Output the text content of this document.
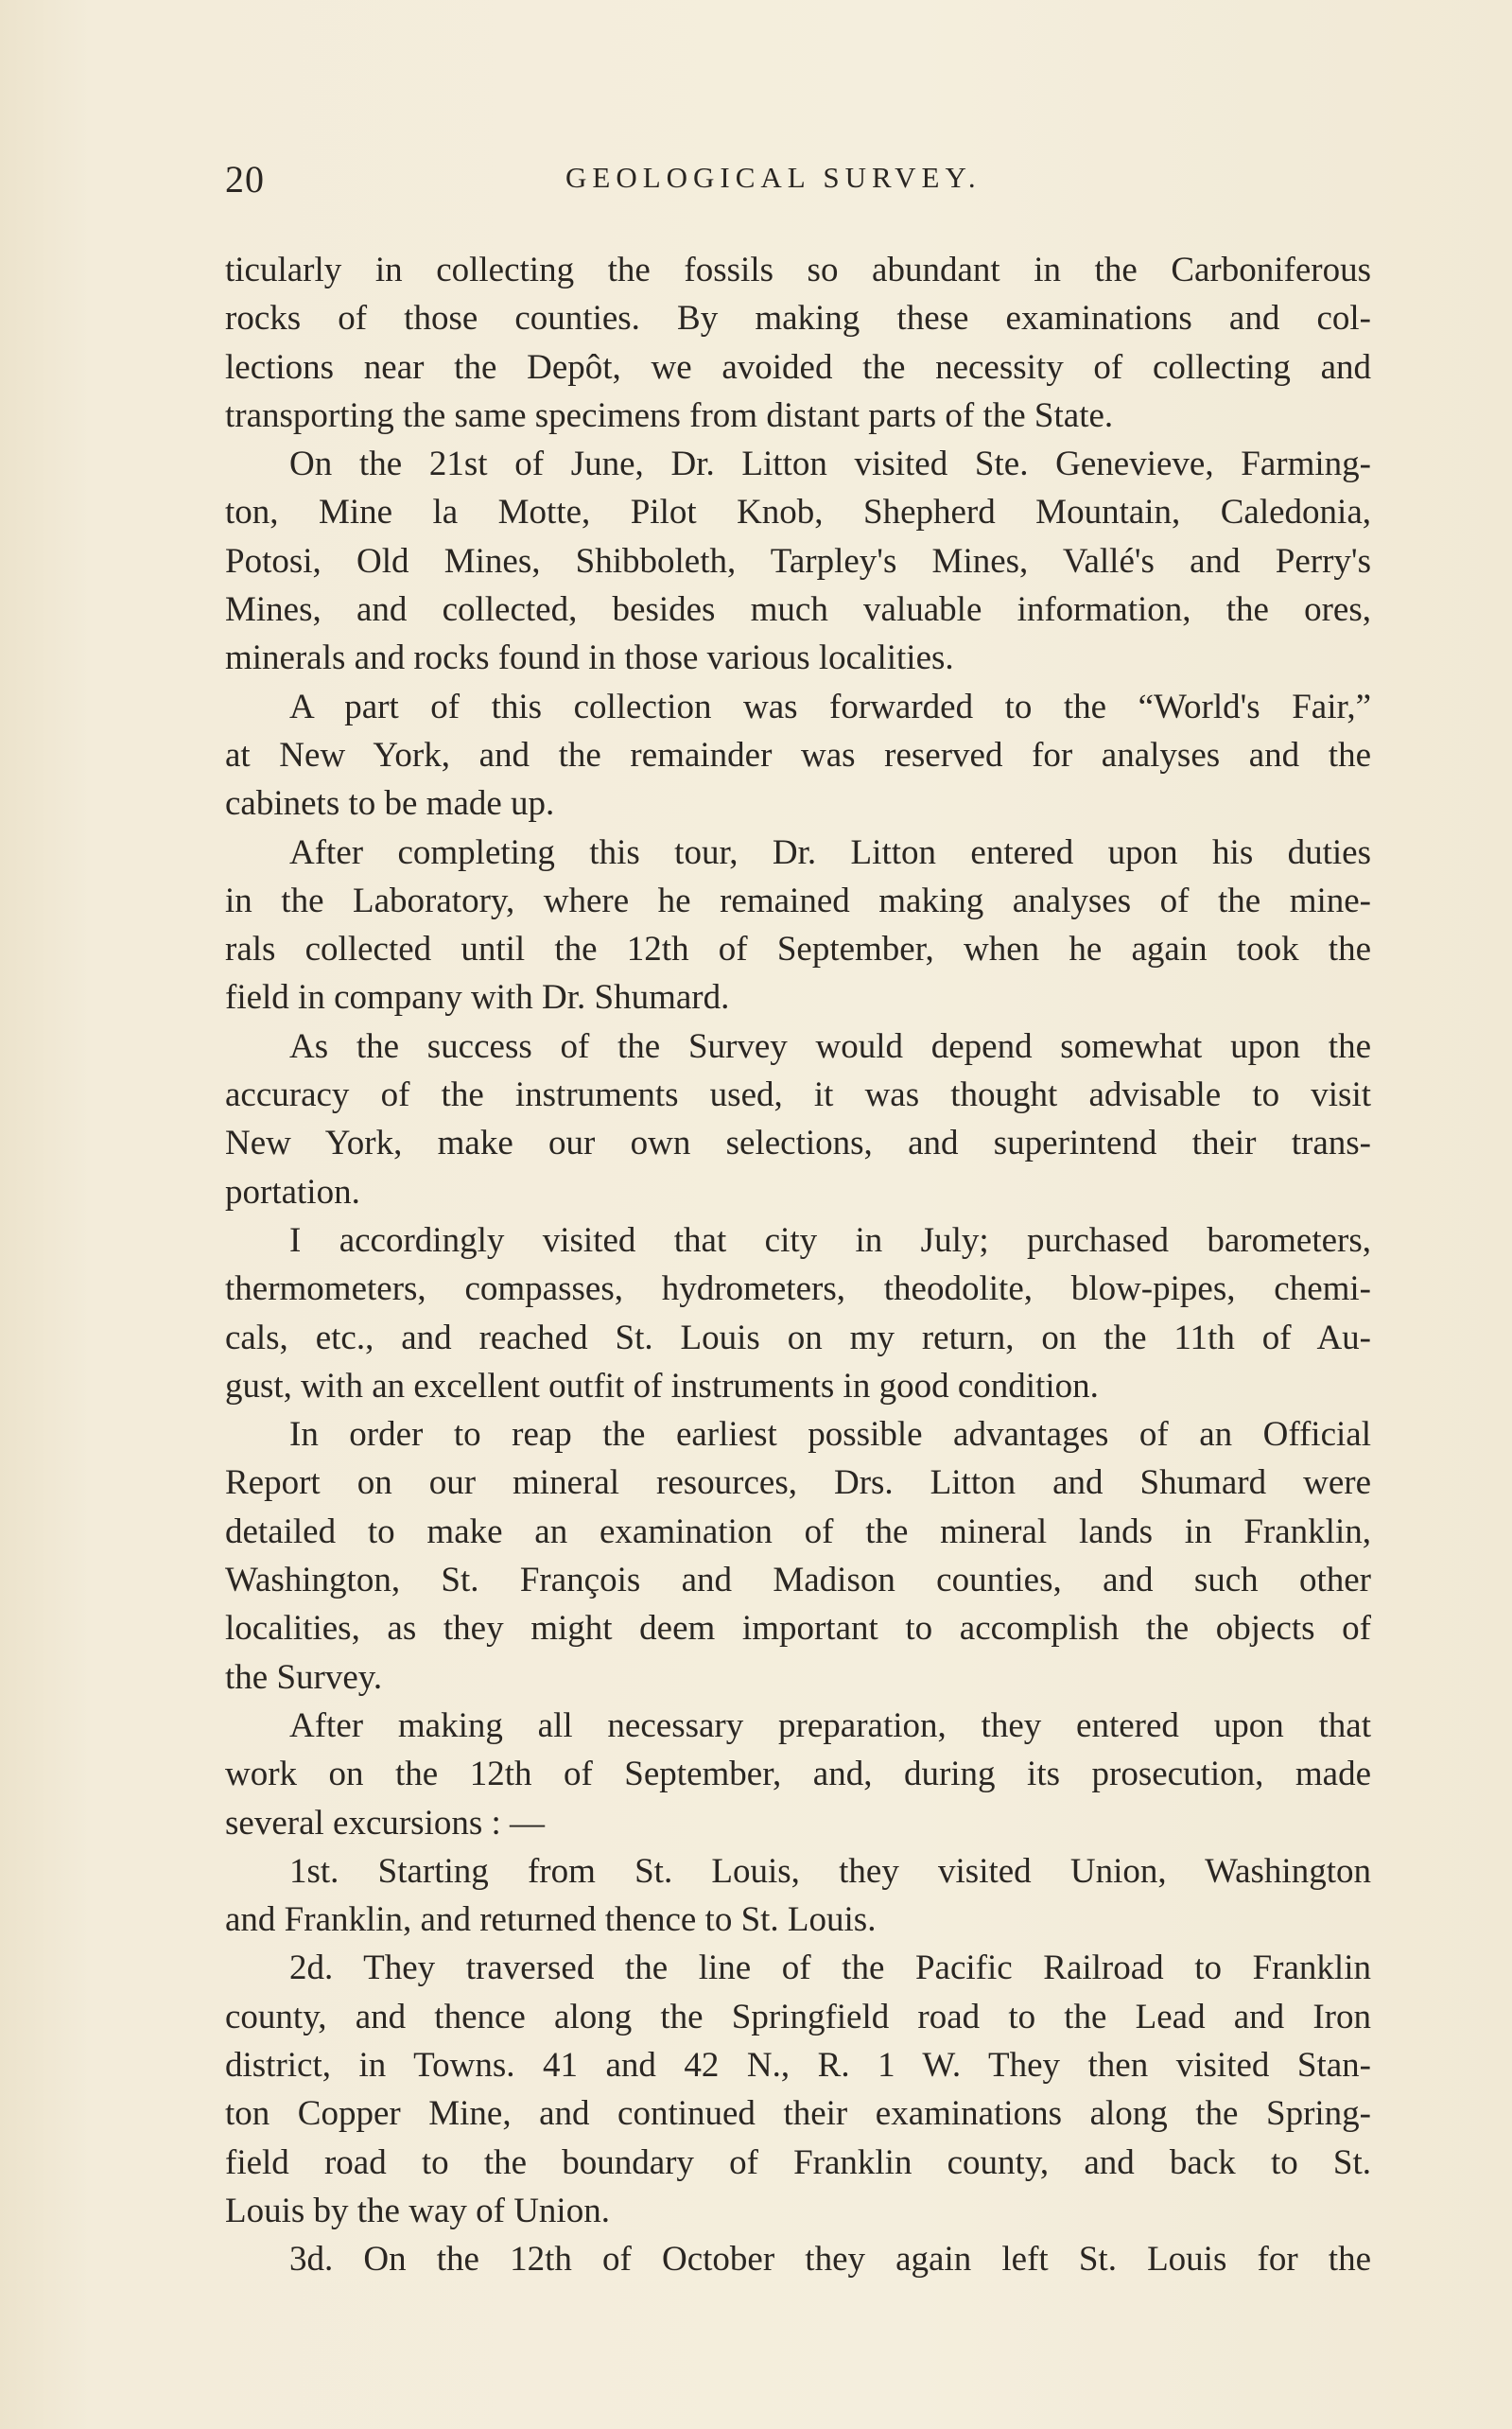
20	GEOLOGICAL SURVEY.
ticularly in collecting the fossils so abundant in the Carboniferous
rocks of those counties. By making these examinations and col-
lections near the Depôt, we avoided the necessity of collecting and
transporting the same specimens from distant parts of the State.
On the 21st of June, Dr. Litton visited Ste. Genevieve, Farming-
ton, Mine la Motte, Pilot Knob, Shepherd Mountain, Caledonia,
Potosi, Old Mines, Shibboleth, Tarpley's Mines, Vallé's and Perry's
Mines, and collected, besides much valuable information, the ores,
minerals and rocks found in those various localities.
A part of this collection was forwarded to the “World's Fair,”
at New York, and the remainder was reserved for analyses and the
cabinets to be made up.
After completing this tour, Dr. Litton entered upon his duties
in the Laboratory, where he remained making analyses of the mine-
rals collected until the 12th of September, when he again took the
field in company with Dr. Shumard.
As the success of the Survey would depend somewhat upon the
accuracy of the instruments used, it was thought advisable to visit
New York, make our own selections, and superintend their trans-
portation.
I accordingly visited that city in July; purchased barometers,
thermometers, compasses, hydrometers, theodolite, blow-pipes, chemi-
cals, etc., and reached St. Louis on my return, on the 11th of Au-
gust, with an excellent outfit of instruments in good condition.
In order to reap the earliest possible advantages of an Official
Report on our mineral resources, Drs. Litton and Shumard were
detailed to make an examination of the mineral lands in Franklin,
Washington, St. François and Madison counties, and such other
localities, as they might deem important to accomplish the objects of
the Survey.
After making all necessary preparation, they entered upon that
work on the 12th of September, and, during its prosecution, made
several excursions : —
1st. Starting from St. Louis, they visited Union, Washington
and Franklin, and returned thence to St. Louis.
2d. They traversed the line of the Pacific Railroad to Franklin
county, and thence along the Springfield road to the Lead and Iron
district, in Towns. 41 and 42 N., R. 1 W. They then visited Stan-
ton Copper Mine, and continued their examinations along the Spring-
field road to the boundary of Franklin county, and back to St.
Louis by the way of Union.
3d. On the 12th of October they again left St. Louis for the
